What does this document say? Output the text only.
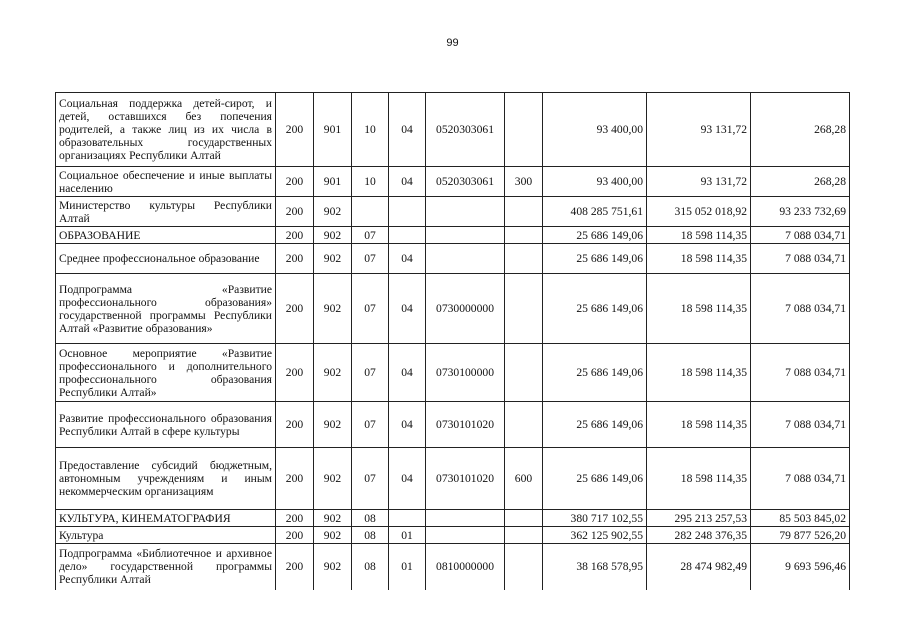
99
Социальная поддержка детей-сирот, и детей, оставшихся без попечения родителей, а также лиц из их числа в образовательных государственных организациях Республики Алтай	200	901	10	04	0520303061		93 400,00	93 131,72	268,28
Социальное обеспечение и иные выплаты населению	200	901	10	04	0520303061	300	93 400,00	93 131,72	268,28
Министерство культуры Республики Алтай	200	902					408 285 751,61	315 052 018,92	93 233 732,69
ОБРАЗОВАНИЕ	200	902	07				25 686 149,06	18 598 114,35	7 088 034,71
Среднее профессиональное образование	200	902	07	04			25 686 149,06	18 598 114,35	7 088 034,71
Подпрограмма «Развитие профессионального образования» государственной программы Республики Алтай «Развитие образования»	200	902	07	04	0730000000		25 686 149,06	18 598 114,35	7 088 034,71
Основное мероприятие «Развитие профессионального и дополнительного профессионального образования Республики Алтай»	200	902	07	04	0730100000		25 686 149,06	18 598 114,35	7 088 034,71
Развитие профессионального образования Республики Алтай в сфере культуры	200	902	07	04	0730101020		25 686 149,06	18 598 114,35	7 088 034,71
Предоставление субсидий бюджетным, автономным учреждениям и иным некоммерческим организациям	200	902	07	04	0730101020	600	25 686 149,06	18 598 114,35	7 088 034,71
КУЛЬТУРА, КИНЕМАТОГРАФИЯ	200	902	08				380 717 102,55	295 213 257,53	85 503 845,02
Культура	200	902	08	01			362 125 902,55	282 248 376,35	79 877 526,20
Подпрограмма «Библиотечное и архивное дело» государственной программы Республики Алтай	200	902	08	01	0810000000		38 168 578,95	28 474 982,49	9 693 596,46
